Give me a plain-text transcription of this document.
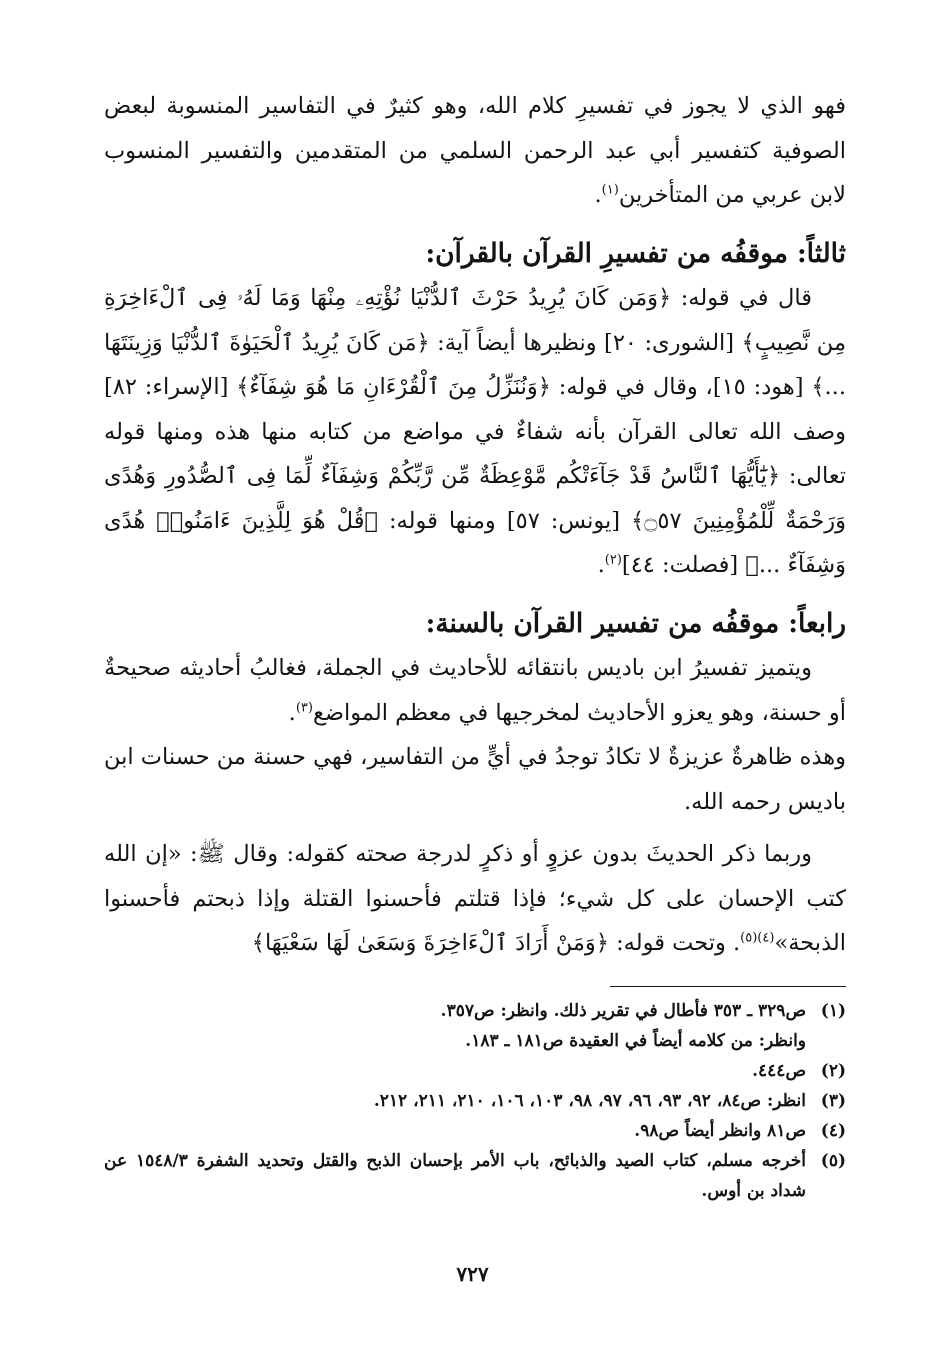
فهو الذي لا يجوز في تفسيرِ كلام الله، وهو كثيرٌ في التفاسير المنسوبة لبعض الصوفية كتفسير أبي عبد الرحمن السلمي من المتقدمين والتفسير المنسوب لابن عربي من المتأخرين$^{(١)}$.

ثالثاً: موقفُه من تفسيرِ القرآن بالقرآن:

قال في قوله: ﴿وَمَن كَانَ يُرِيدُ حَرْثَ ٱلدُّنْيَا نُؤْتِهِۦ مِنْهَا وَمَا لَهُۥ فِى ٱلْءَاخِرَةِ مِن نَّصِيبٍ﴾ [الشورى: ٢٠] ونظيرها أيضاً آية: ﴿مَن كَانَ يُرِيدُ ٱلْحَيَوٰةَ ٱلدُّنْيَا وَزِينَتَهَا ...﴾ [هود: ١٥]، وقال في قوله: ﴿وَنُنَزِّلُ مِنَ ٱلْقُرْءَانِ مَا هُوَ شِفَآءٌ﴾ [الإسراء: ٨٢] وصف الله تعالى القرآن بأنه شفاءٌ في مواضع من كتابه منها هذه ومنها قوله تعالى: ﴿يَٰٓأَيُّهَا ٱلنَّاسُ قَدْ جَآءَتْكُم مَّوْعِظَةٌ مِّن رَّبِّكُمْ وَشِفَآءٌ لِّمَا فِى ٱلصُّدُورِ وَهُدًى وَرَحْمَةٌ لِّلْمُؤْمِنِينَ ۝٥٧﴾ [يونس: ٥٧] ومنها قوله: ﴿قُلْ هُوَ لِلَّذِينَ ءَامَنُوا۟ هُدًى وَشِفَآءٌ ...﴾ [فصلت: ٤٤]$^{(٢)}$.

رابعاً: موقفُه من تفسير القرآن بالسنة:

ويتميز تفسيرُ ابن باديس بانتقائه للأحاديث في الجملة، فغالبُ أحاديثه صحيحةٌ أو حسنة، وهو يعزو الأحاديث لمخرجيها في معظم المواضع$^{(٣)}$.

وهذه ظاهرةٌ عزيزةٌ لا تكادُ توجدُ في أيٍّ من التفاسير، فهي حسنة من حسنات ابن باديس رحمه الله.

وربما ذكر الحديثَ بدون عزوٍ أو ذكرٍ لدرجة صحته كقوله: وقال ﷺ: «إن الله كتب الإحسان على كل شيء؛ فإذا قتلتم فأحسنوا القتلة وإذا ذبحتم فأحسنوا الذبحة»$^{(٤)(٥)}$. وتحت قوله: ﴿وَمَنْ أَرَادَ ٱلْءَاخِرَةَ وَسَعَىٰ لَهَا سَعْيَهَا﴾

(١)
ص٣٢٩ ـ ٣٥٣ فأطال في تقرير ذلك. وانظر: ص٣٥٧.
وانظر: من كلامه أيضاً في العقيدة ص١٨١ ـ ١٨٣.
(٢)
ص٤٤٤.
(٣)
انظر: ص٨٤، ٩٢، ٩٣، ٩٦، ٩٧، ٩٨، ١٠٣، ١٠٦، ٢١٠، ٢١١، ٢١٢.
(٤)
ص٨١ وانظر أيضاً ص٩٨.
(٥)
أخرجه مسلم، كتاب الصيد والذبائح، باب الأمر بإحسان الذبح والقتل وتحديد الشفرة ١٥٤٨/٣ عن شداد بن أوس.
٧٢٧
